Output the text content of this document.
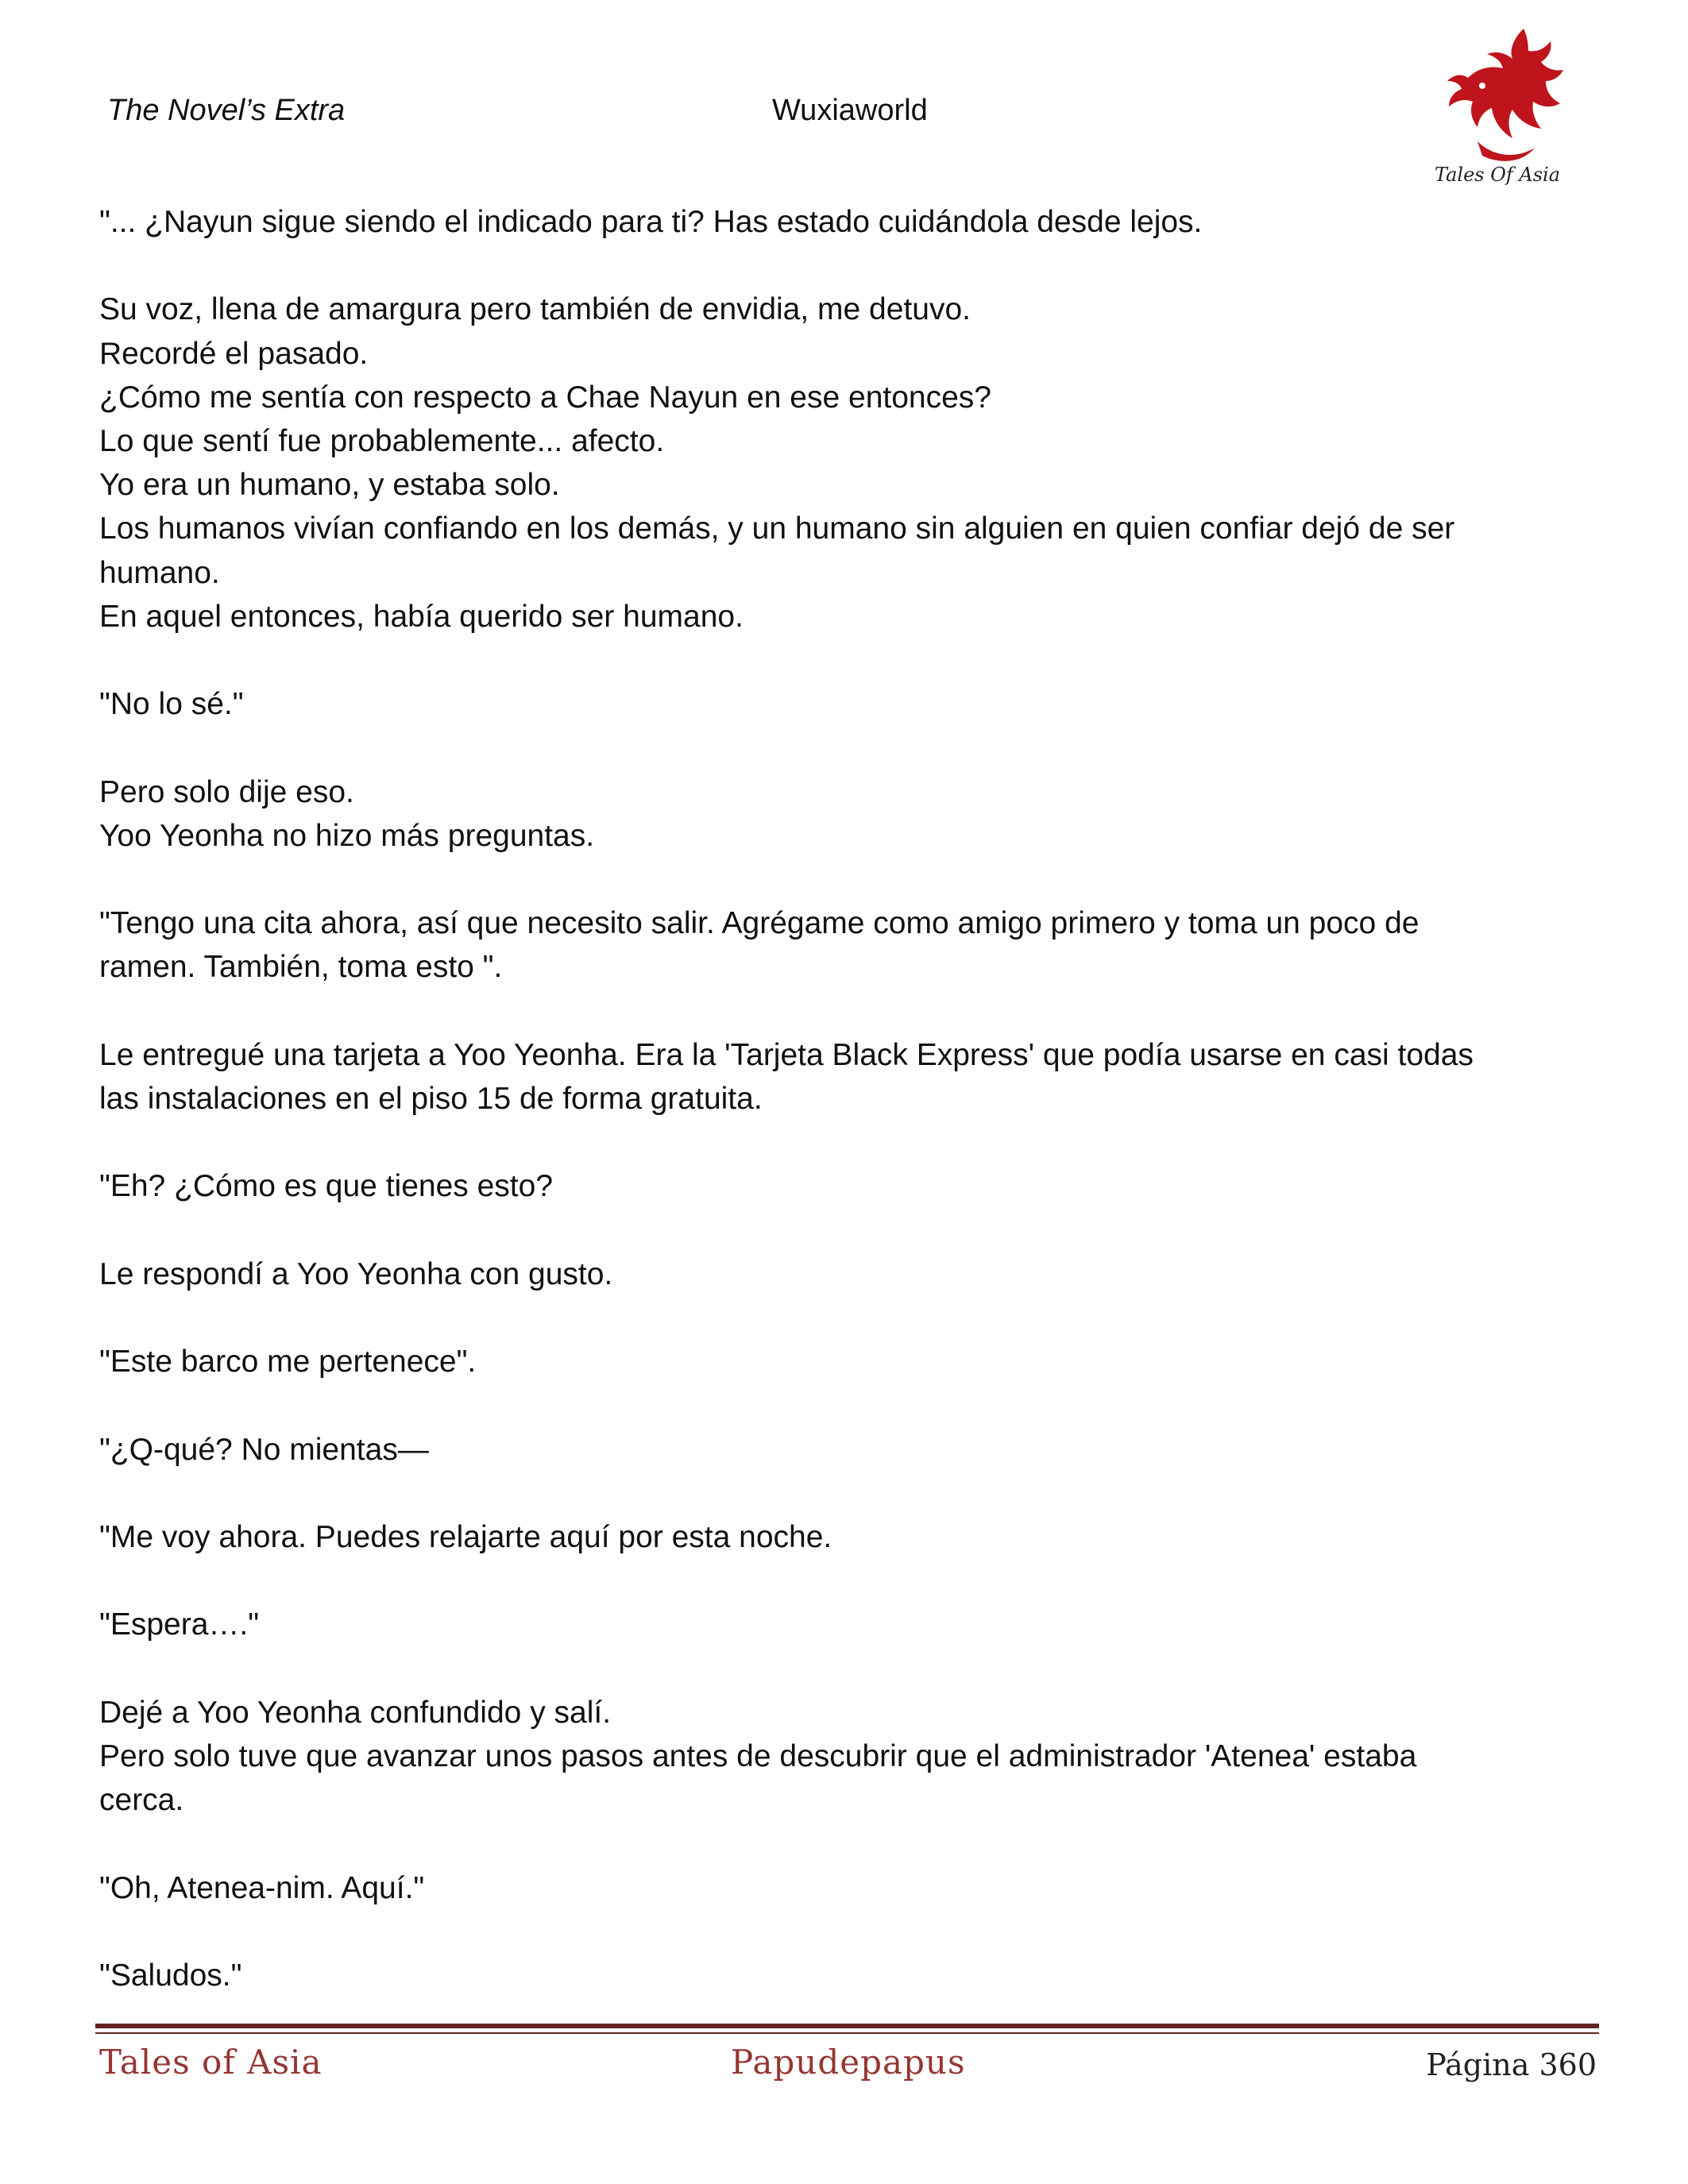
The Novel’s Extra	Wuxiaworld
Tales Of Asia

"... ¿Nayun sigue siendo el indicado para ti? Has estado cuidándola desde lejos.

Su voz, llena de amargura pero también de envidia, me detuvo.

Recordé el pasado.

¿Cómo me sentía con respecto a Chae Nayun en ese entonces?

Lo que sentí fue probablemente... afecto.

Yo era un humano, y estaba solo.

Los humanos vivían confiando en los demás, y un humano sin alguien en quien confiar dejó de ser

humano.

En aquel entonces, había querido ser humano.

"No lo sé."

Pero solo dije eso.

Yoo Yeonha no hizo más preguntas.

"Tengo una cita ahora, así que necesito salir. Agrégame como amigo primero y toma un poco de

ramen. También, toma esto ".

Le entregué una tarjeta a Yoo Yeonha. Era la 'Tarjeta Black Express' que podía usarse en casi todas

las instalaciones en el piso 15 de forma gratuita.

"Eh? ¿Cómo es que tienes esto?

Le respondí a Yoo Yeonha con gusto.

"Este barco me pertenece".

"¿Q-qué? No mientas—

"Me voy ahora. Puedes relajarte aquí por esta noche.

"Espera…."

Dejé a Yoo Yeonha confundido y salí.

Pero solo tuve que avanzar unos pasos antes de descubrir que el administrador 'Atenea' estaba

cerca.

"Oh, Atenea-nim. Aquí."

"Saludos."

Tales of Asia	Papudepapus	Página 360
